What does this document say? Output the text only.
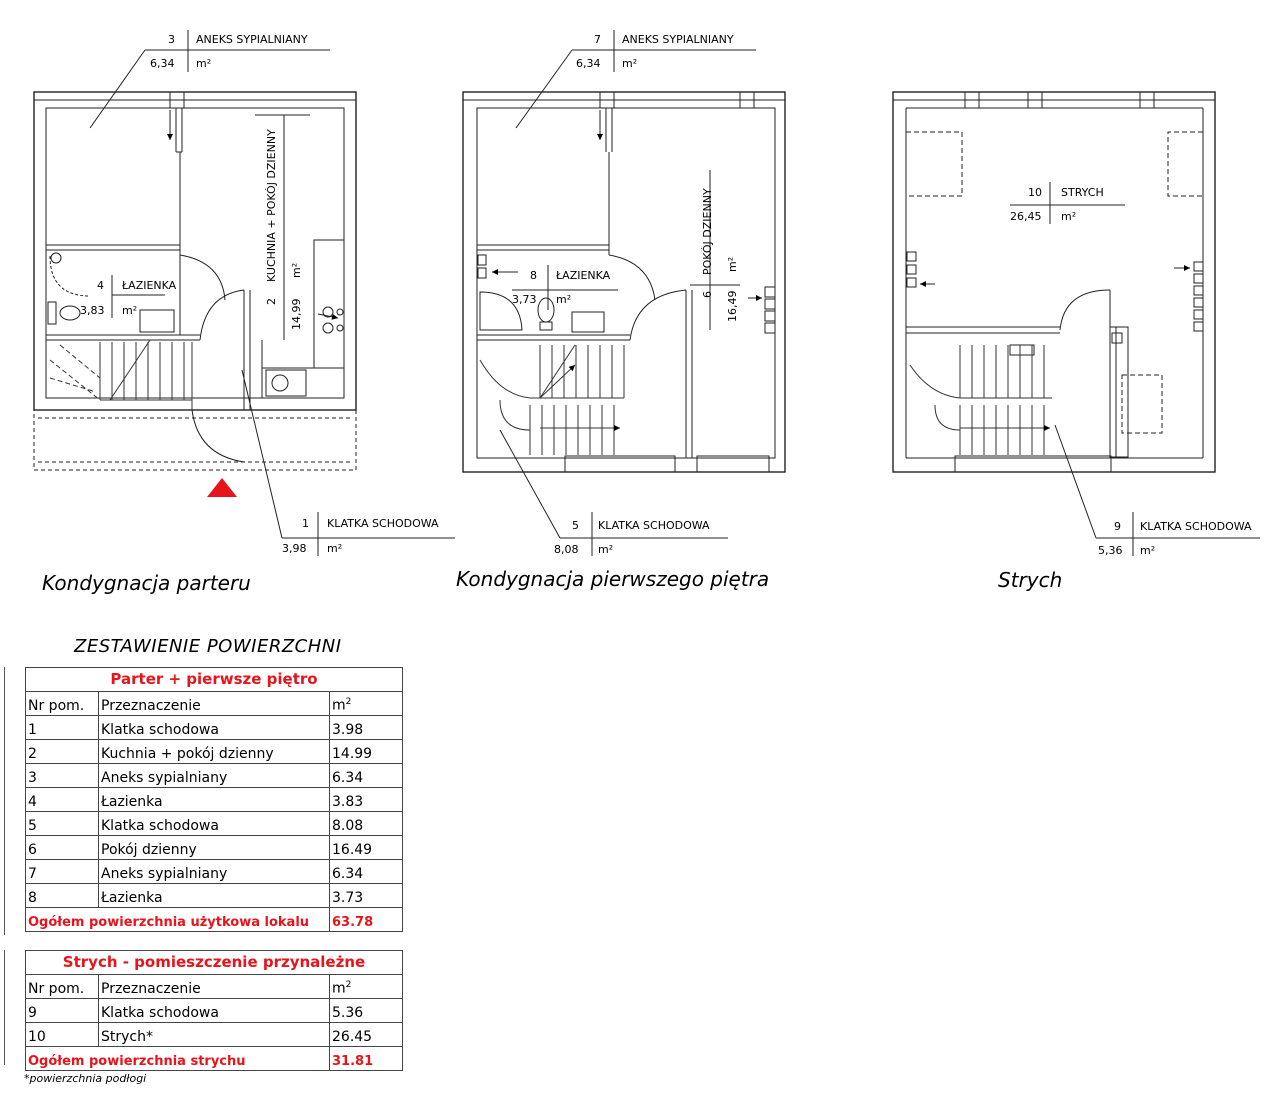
3 ANEKS SYPIALNIANY
6,34 m²
4 ŁAZIENKA
3,83 m²
KUCHNIA + POKÓJ DZIENNY m²
2 14,99
1 KLATKA SCHODOWA
3,98 m²
7 ANEKS SYPIALNIANY
6,34 m²
8 ŁAZIENKA
3,73 m²
POKÓJ DZIENNY m²
6 16,49
5 KLATKA SCHODOWA
8,08 m²
10 STRYCH
26,45 m²
9 KLATKA SCHODOWA
5,36 m²
Kondygnacja parteru	Kondygnacja pierwszego piętra	Strych
ZESTAWIENIE POWIERZCHNI
Parter + pierwsze piętro		
Nr pom.	Przeznaczenie	$m^2$
1	Klatka schodowa	3.98
2	Kuchnia + pokój dzienny	14.99
3	Aneks sypialniany	6.34
4	Łazienka	3.83
5	Klatka schodowa	8.08
6	Pokój dzienny	16.49
7	Aneks sypialniany	6.34
8	Łazienka	3.73
Ogółem powierzchnia użytkowa lokalu		63.78
Strych - pomieszczenie przynależne		
Nr pom.	Przeznaczenie	$m^2$
9	Klatka schodowa	5.36
10	Strych*	26.45
Ogółem powierzchnia strychu		31.81
*powierzchnia podłogi
